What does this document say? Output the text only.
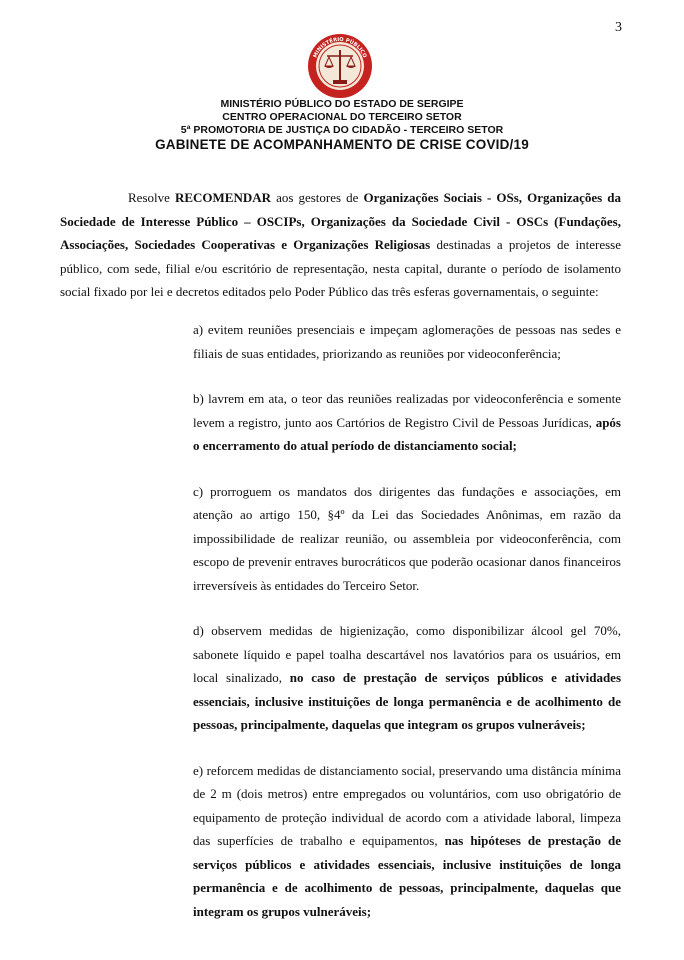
3
MINISTÉRIO PÚBLICO
MINISTÉRIO PÚBLICO DO ESTADO DE SERGIPE
CENTRO OPERACIONAL DO TERCEIRO SETOR
5ª PROMOTORIA DE JUSTIÇA DO CIDADÃO - TERCEIRO SETOR
GABINETE DE ACOMPANHAMENTO DE CRISE COVID/19
Resolve RECOMENDAR aos gestores de Organizações Sociais - OSs, Organizações da Sociedade de Interesse Público – OSCIPs, Organizações da Sociedade Civil - OSCs (Fundações, Associações, Sociedades Cooperativas e Organizações Religiosas destinadas a projetos de interesse público, com sede, filial e/ou escritório de representação, nesta capital, durante o período de isolamento social fixado por lei e decretos editados pelo Poder Público das três esferas governamentais, o seguinte:
a) evitem reuniões presenciais e impeçam aglomerações de pessoas nas sedes e filiais de suas entidades, priorizando as reuniões por videoconferência;
b) lavrem em ata, o teor das reuniões realizadas por videoconferência e somente levem a registro, junto aos Cartórios de Registro Civil de Pessoas Jurídicas, após o encerramento do atual período de distanciamento social;
c) prorroguem os mandatos dos dirigentes das fundações e associações, em atenção ao artigo 150, §4º da Lei das Sociedades Anônimas, em razão da impossibilidade de realizar reunião, ou assembleia por videoconferência, com escopo de prevenir entraves burocráticos que poderão ocasionar danos financeiros irreversíveis às entidades do Terceiro Setor.
d) observem medidas de higienização, como disponibilizar álcool gel 70%, sabonete líquido e papel toalha descartável nos lavatórios para os usuários, em local sinalizado, no caso de prestação de serviços públicos e atividades essenciais, inclusive instituições de longa permanência e de acolhimento de pessoas, principalmente, daquelas que integram os grupos vulneráveis;
e) reforcem medidas de distanciamento social, preservando uma distância mínima de 2 m (dois metros) entre empregados ou voluntários, com uso obrigatório de equipamento de proteção individual de acordo com a atividade laboral, limpeza das superfícies de trabalho e equipamentos, nas hipóteses de prestação de serviços públicos e atividades essenciais, inclusive instituições de longa permanência e de acolhimento de pessoas, principalmente, daquelas que integram os grupos vulneráveis;
